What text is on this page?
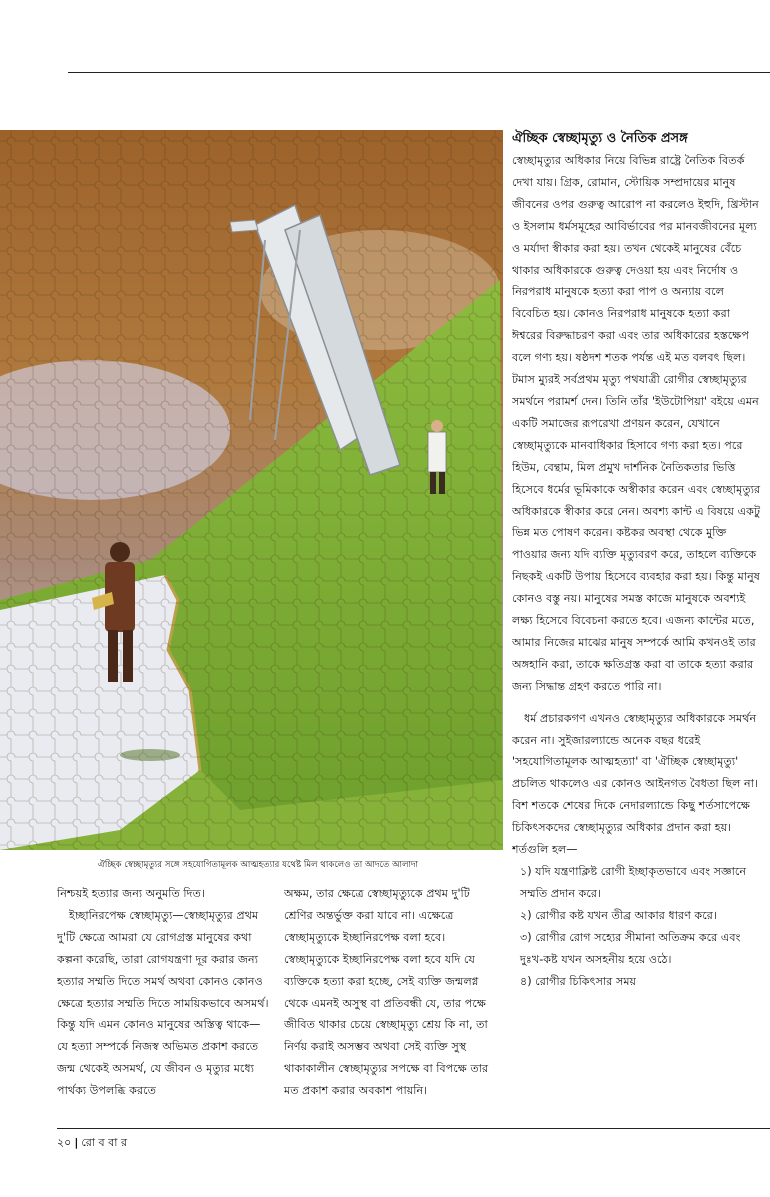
ঐচ্ছিক স্বেচ্ছামৃত্যুর সঙ্গে সহযোগিতামূলক আত্মহত্যার যথেষ্ট মিল থাকলেও তা আদতে আলাদা

ঐচ্ছিক স্বেচ্ছামৃত্যু ও নৈতিক প্রসঙ্গ

স্বেচ্ছামৃত্যুর অধিকার নিয়ে বিভিন্ন রাষ্ট্রে নৈতিক বিতর্ক দেখা যায়। গ্রিক, রোমান, স্টোয়িক সম্প্রদায়ের মানুষ জীবনের ওপর গুরুত্ব আরোপ না করলেও ইহুদি, খ্রিস্টান ও ইসলাম ধর্মসমূহের আবির্ভাবের পর মানবজীবনের মূল্য ও মর্যাদা স্বীকার করা হয়। তখন থেকেই মানুষের বেঁচে থাকার অধিকারকে গুরুত্ব দেওয়া হয় এবং নির্দোষ ও নিরপরাধ মানুষকে হত্যা করা পাপ ও অন্যায় বলে বিবেচিত হয়। কোনও নিরপরাধ মানুষকে হত্যা করা ঈশ্বরের বিরুদ্ধাচরণ করা এবং তার অধিকারের হস্তক্ষেপ বলে গণ্য হয়। ষষ্ঠদশ শতক পর্যন্ত এই মত বলবৎ ছিল। টমাস ম্যুরই সর্বপ্রথম মৃত্যু পথযাত্রী রোগীর স্বেচ্ছামৃত্যুর সমর্থনে পরামর্শ দেন। তিনি তাঁর 'ইউটোপিয়া' বইয়ে এমন একটি সমাজের রূপরেখা প্রণয়ন করেন, যেখানে স্বেচ্ছামৃত্যুকে মানবাধিকার হিসাবে গণ্য করা হত। পরে হিউম, বেন্থাম, মিল প্রমুখ দার্শনিক নৈতিকতার ভিত্তি হিসেবে ধর্মের ভূমিকাকে অস্বীকার করেন এবং স্বেচ্ছামৃত্যুর অধিকারকে স্বীকার করে নেন। অবশ্য কান্ট এ বিষয়ে একটু ভিন্ন মত পোষণ করেন। কষ্টকর অবস্থা থেকে মুক্তি পাওয়ার জন্য যদি ব্যক্তি মৃত্যুবরণ করে, তাহলে ব্যক্তিকে নিছকই একটি উপায় হিসেবে ব্যবহার করা হয়। কিন্তু মানুষ কোনও বস্তু নয়। মানুষের সমস্ত কাজে মানুষকে অবশ্যই লক্ষ্য হিসেবে বিবেচনা করতে হবে। এজন্য কান্টের মতে, আমার নিজের মাঝের মানুষ সম্পর্কে আমি কখনওই তার অঙ্গহানি করা, তাকে ক্ষতিগ্রস্ত করা বা তাকে হত্যা করার জন্য সিদ্ধান্ত গ্রহণ করতে পারি না।

ধর্ম প্রচারকগণ এখনও স্বেচ্ছামৃত্যুর অধিকারকে সমর্থন করেন না। সুইজারল্যান্ডে অনেক বছর ধরেই 'সহযোগিতামূলক আত্মহত্যা' বা 'ঐচ্ছিক স্বেচ্ছামৃত্যু' প্রচলিত থাকলেও এর কোনও আইনগত বৈধতা ছিল না। বিশ শতকে শেষের দিকে নেদারল্যান্ডে কিছু শর্তসাপেক্ষে চিকিৎসকদের স্বেচ্ছামৃত্যুর অধিকার প্রদান করা হয়। শর্তগুলি হল—

১) যদি যন্ত্রণাক্লিষ্ট রোগী ইচ্ছাকৃতভাবে এবং সজ্ঞানে সম্মতি প্রদান করে।

২) রোগীর কষ্ট যখন তীব্র আকার ধারণ করে।

৩) রোগীর রোগ সহ্যের সীমানা অতিক্রম করে এবং দুঃখ-কষ্ট যখন অসহনীয় হয়ে ওঠে।

৪) রোগীর চিকিৎসার সময়

নিশ্চয়ই হত্যার জন্য অনুমতি দিত।

ইচ্ছানিরপেক্ষ স্বেচ্ছামৃত্যু—স্বেচ্ছামৃত্যুর প্রথম দু'টি ক্ষেত্রে আমরা যে রোগগ্রস্ত মানুষের কথা কল্পনা করেছি, তারা রোগযন্ত্রণা দূর করার জন্য হত্যার সম্মতি দিতে সমর্থ অথবা কোনও কোনও ক্ষেত্রে হত্যার সম্মতি দিতে সাময়িকভাবে অসমর্থ। কিন্তু যদি এমন কোনও মানুষের অস্তিত্ব থাকে— যে হত্যা সম্পর্কে নিজস্ব অভিমত প্রকাশ করতে জন্ম থেকেই অসমর্থ, যে জীবন ও মৃত্যুর মধ্যে পার্থক্য উপলব্ধি করতে

অক্ষম, তার ক্ষেত্রে স্বেচ্ছামৃত্যুকে প্রথম দু'টি শ্রেণির অন্তর্ভুক্ত করা যাবে না। এক্ষেত্রে স্বেচ্ছামৃত্যুকে ইচ্ছানিরপেক্ষ বলা হবে। স্বেচ্ছামৃত্যুকে ইচ্ছানিরপেক্ষ বলা হবে যদি যে ব্যক্তিকে হত্যা করা হচ্ছে, সেই ব্যক্তি জন্মলগ্ন থেকে এমনই অসুস্থ বা প্রতিবন্ধী যে, তার পক্ষে জীবিত থাকার চেয়ে স্বেচ্ছামৃত্যু শ্রেয় কি না, তা নির্ণয় করাই অসম্ভব অথবা সেই ব্যক্তি সুস্থ থাকাকালীন স্বেচ্ছামৃত্যুর সপক্ষে বা বিপক্ষে তার মত প্রকাশ করার অবকাশ পায়নি।

২০ | রো ব বা র
